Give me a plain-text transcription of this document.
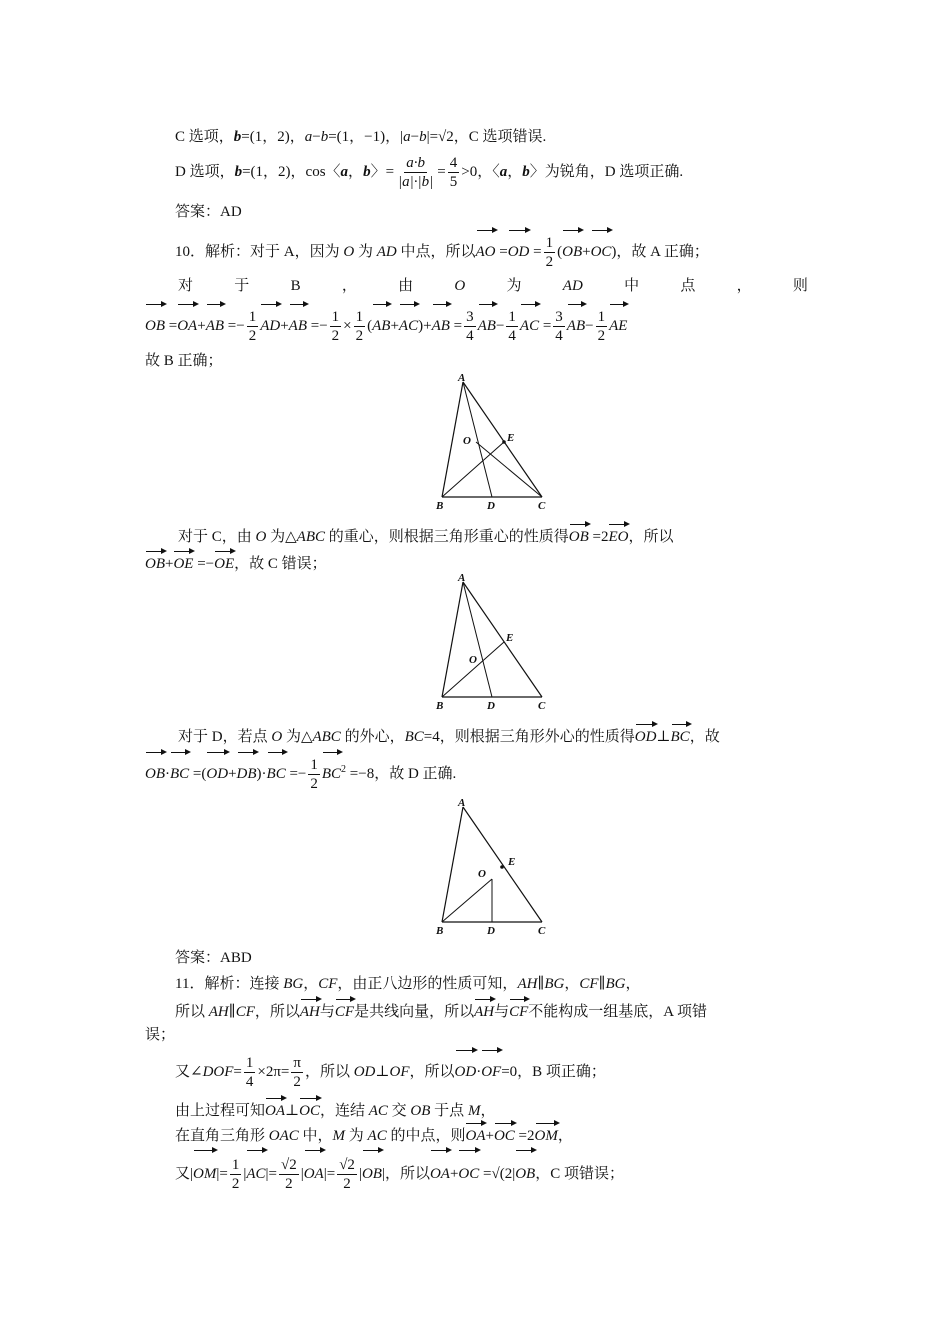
C 选项，b=(1，2)，a−b=(1，−1)，|a−b|=√2，C 选项错误.
D 选项，b=(1，2)，cos〈a，b〉= $\frac{a\cdot b}{|a|\cdot|b|} = \frac{4}{5} >0$，〈a，b〉为锐角，D 选项正确.
答案：AD
10．解析：对于 A，因为 O 为 AD 中点，所以AO $=OD = \frac{1}{2} (OB+OC)$，故 A 正确；
对	于	B	，	由	O	为	AD	中	点	，	则
OB $=OA+AB =- \frac{1}{2} AD+AB =- \frac{1}{2} \times \frac{1}{2} (AB+AC)+AB = \frac{3}{4} AB- \frac{1}{4}$ AC = $\frac{3}{4} AB- \frac{1}{2}$ AE
故 B 正确；
A
B	C
D
O	E
对于 C，由 O 为△ABC 的重心，则根据三角形重心的性质得OB =2EO，所以
OB+OE =−OE，故 C 错误；
A
B	C
D
O
E
对于 D，若点 O 为△ABC 的外心，BC=4，则根据三角形外心的性质得OD⊥BC，故
$OB\cdot BC =(OD+DB)\cdot BC =- \frac{1}{2} BC^2 =-8$，故 D 正确.
A
B	C
D
O
E
答案：ABD
11．解析：连接 BG，CF，由正八边形的性质可知，AH∥BG，CF∥BG，
所以 AH∥CF，所以AH与CF是共线向量，所以AH与CF不能构成一组基底，A 项错
误；
又∠DOF= $\frac{1}{4} \times 2\pi= \frac{\pi}{2}$ ，所以 OD⊥OF，所以OD·OF=0，B 项正确；
由上过程可知OA⊥OC，连结 AC 交 OB 于点 M，
在直角三角形 OAC 中，M 为 AC 的中点，则OA+OC =2OM，
又$|OM|= \frac{1}{2} |AC|= \frac{√2}{2} |OA|= \frac{√2}{2} |OB|$，所以OA+OC =√(2|OB，C 项错误；
